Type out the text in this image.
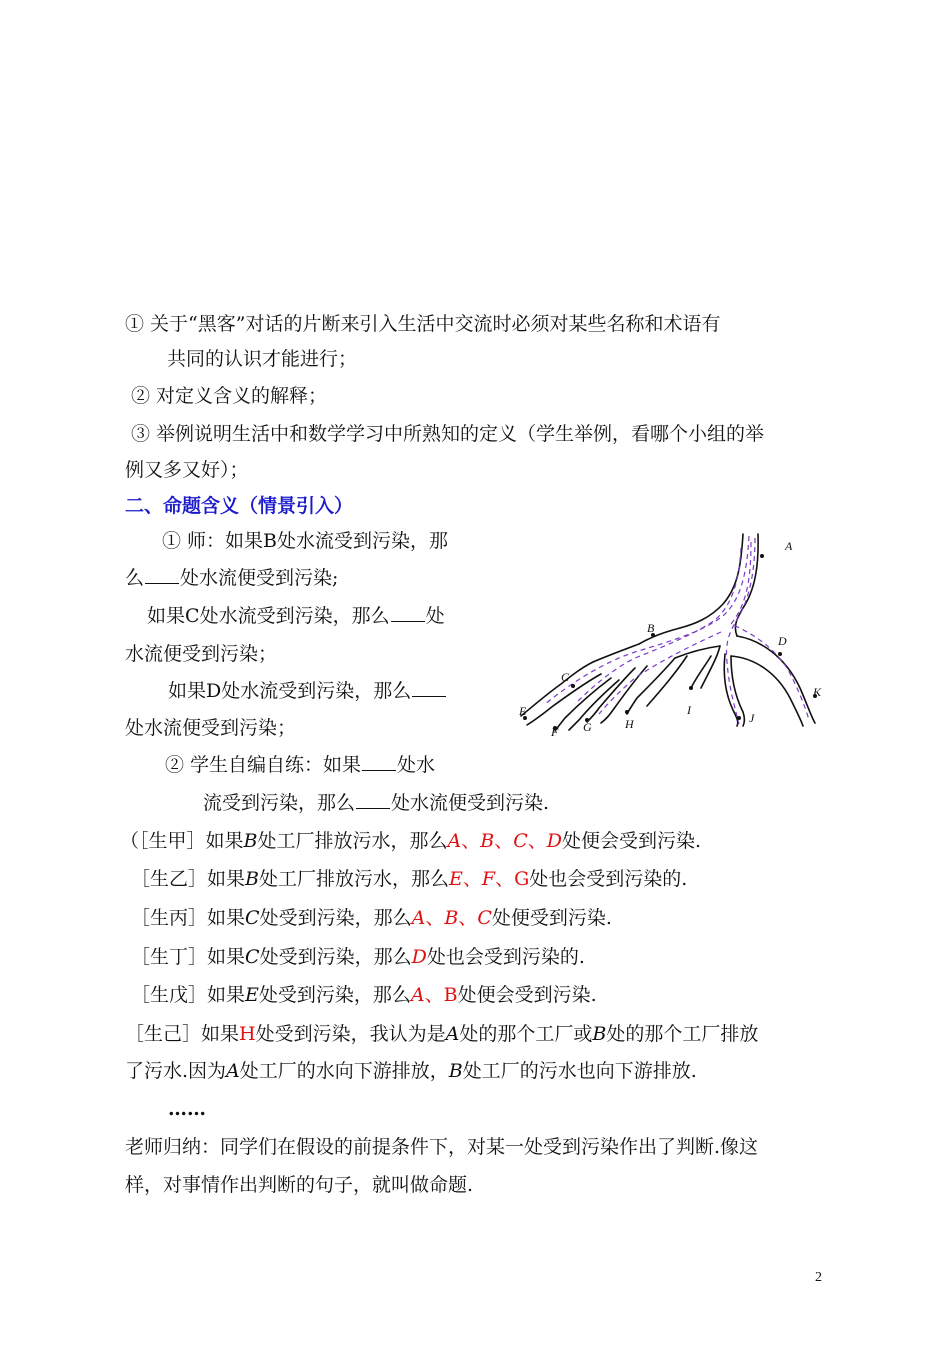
① 关于“黑客”对话的片断来引入生活中交流时必须对某些名称和术语有
共同的认识才能进行；
② 对定义含义的解释；
③ 举例说明生活中和数学学习中所熟知的定义（学生举例，看哪个小组的举
例又多又好）；
二、命题含义（情景引入）
① 师：如果B处水流受到污染，那
么 处水流便受到污染;
如果C处水流受到污染，那么 处
水流便受到污染；
如果D处水流受到污染，那么
处水流便受到污染；
② 学生自编自练：如果 处水
流受到污染，那么 处水流便受到污染.
A
B
C
D
E
F G	H
I
J
K
（［生甲］如果B处工厂排放污水，那么A、B、C、D处便会受到污染.
［生乙］如果B处工厂排放污水，那么E、F、G处也会受到污染的.
［生丙］如果C处受到污染，那么A、B、C处便受到污染.
［生丁］如果C处受到污染，那么D处也会受到污染的.
［生戊］如果E处受到污染，那么A、B处便会受到污染.
［生己］如果H处受到污染，我认为是A处的那个工厂或B处的那个工厂排放
了污水.因为A处工厂的水向下游排放，B处工厂的污水也向下游排放.
……
老师归纳：同学们在假设的前提条件下，对某一处受到污染作出了判断.像这
样，对事情作出判断的句子，就叫做命题.
2
